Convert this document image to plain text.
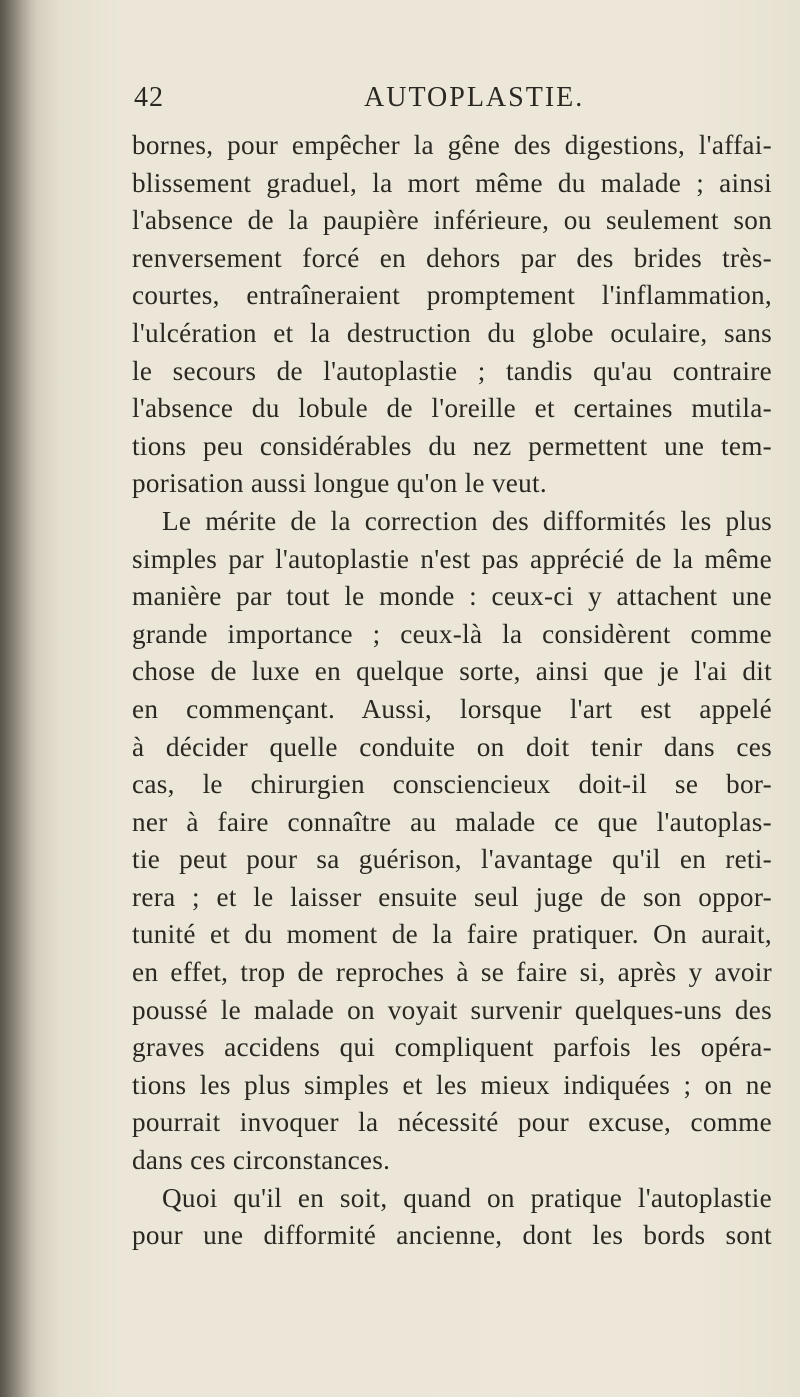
42	AUTOPLASTIE.
bornes, pour empêcher la gêne des digestions, l'affai-
blissement graduel, la mort même du malade ; ainsi
l'absence de la paupière inférieure, ou seulement son
renversement forcé en dehors par des brides très-
courtes, entraîneraient promptement l'inflammation,
l'ulcération et la destruction du globe oculaire, sans
le secours de l'autoplastie ; tandis qu'au contraire
l'absence du lobule de l'oreille et certaines mutila-
tions peu considérables du nez permettent une tem-
porisation aussi longue qu'on le veut.
Le mérite de la correction des difformités les plus
simples par l'autoplastie n'est pas apprécié de la même
manière par tout le monde : ceux-ci y attachent une
grande importance ; ceux-là la considèrent comme
chose de luxe en quelque sorte, ainsi que je l'ai dit
en commençant. Aussi, lorsque l'art est appelé
à décider quelle conduite on doit tenir dans ces
cas, le chirurgien consciencieux doit-il se bor-
ner à faire connaître au malade ce que l'autoplas-
tie peut pour sa guérison, l'avantage qu'il en reti-
rera ; et le laisser ensuite seul juge de son oppor-
tunité et du moment de la faire pratiquer. On aurait,
en effet, trop de reproches à se faire si, après y avoir
poussé le malade on voyait survenir quelques-uns des
graves accidens qui compliquent parfois les opéra-
tions les plus simples et les mieux indiquées ; on ne
pourrait invoquer la nécessité pour excuse, comme
dans ces circonstances.
Quoi qu'il en soit, quand on pratique l'autoplastie
pour une difformité ancienne, dont les bords sont
